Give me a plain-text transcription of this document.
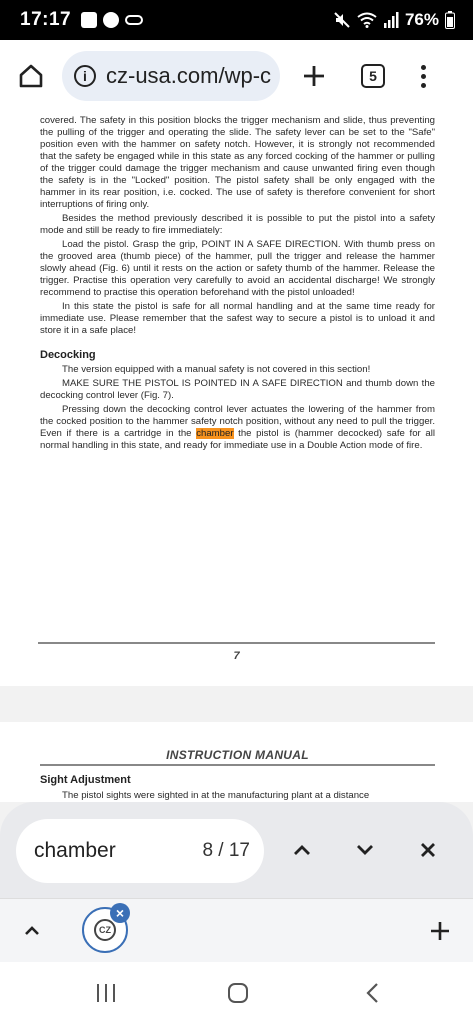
17:17	76%
i cz-usa.com/wp-c	5

covered. The safety in this position blocks the trigger mechanism and slide, thus preventing the pulling of the trigger and operating the slide. The safety lever can be set to the "Safe" position even with the hammer on safety notch. However, it is strongly not recommended that the safety be engaged while in this state as any forced cocking of the hammer or pulling of the trigger could damage the trigger mechanism and cause unwanted firing even though the safety is in the "Locked" position. The pistol safety shall be only engaged with the hammer in its rear position, i.e. cocked. The use of safety is therefore convenient for short interruptions of firing only.

Besides the method previously described it is possible to put the pistol into a safety mode and still be ready to fire immediately:

Load the pistol. Grasp the grip, POINT IN A SAFE DIRECTION. With thumb press on the grooved area (thumb piece) of the hammer, pull the trigger and release the hammer slowly ahead (Fig. 6) until it rests on the action or safety thumb of the hammer. Release the trigger. Practise this operation very carefully to avoid an accidental discharge! We strongly recommend to practise this operation beforehand with the pistol unloaded!

In this state the pistol is safe for all normal handling and at the same time ready for immediate use. Please remember that the safest way to secure a pistol is to unload it and store it in a safe place!

Decocking

The version equipped with a manual safety is not covered in this section!

MAKE SURE THE PISTOL IS POINTED IN A SAFE DIRECTION and thumb down the decocking control lever (Fig. 7).

Pressing down the decocking control lever actuates the lowering of the hammer from the cocked position to the hammer safety notch position, without any need to pull the trigger. Even if there is a cartridge in the chamber the pistol is (hammer decocked) safe for all normal handling in this state, and ready for immediate use in a Double Action mode of fire.

7
INSTRUCTION MANUAL
Sight Adjustment
The pistol sights were sighted in at the manufacturing plant at a distance
chamber	8 / 17
CZ
×
